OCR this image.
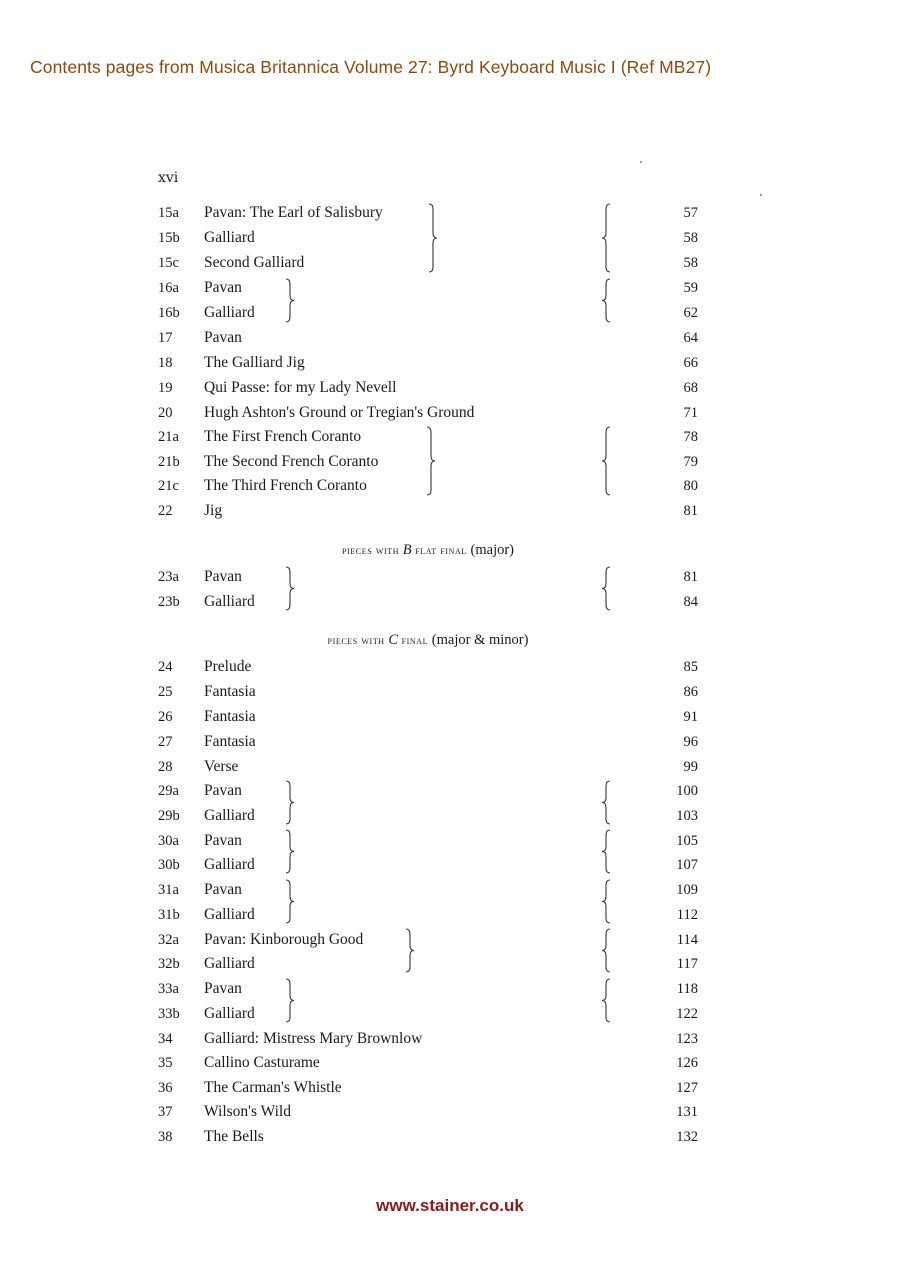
Contents pages from Musica Britannica Volume 27: Byrd Keyboard Music I (Ref MB27)
xvi
15a Pavan: The Earl of Salisbury	57
15b Galliard	58
15c Second Galliard	58
16a Pavan	59
16b Galliard	62
17 Pavan	64
18 The Galliard Jig	66
19 Qui Passe: for my Lady Nevell	68
20 Hugh Ashton's Ground or Tregian's Ground	71
21a The First French Coranto	78
21b The Second French Coranto	79
21c The Third French Coranto	80
22 Jig	81
23a Pavan	81
23b Galliard	84
24 Prelude	85
25 Fantasia	86
26 Fantasia	91
27 Fantasia	96
28 Verse	99
29a Pavan	100
29b Galliard	103
30a Pavan	105
30b Galliard	107
31a Pavan	109
31b Galliard	112
32a Pavan: Kinborough Good	114
32b Galliard	117
33a Pavan	118
33b Galliard	122
34 Galliard: Mistress Mary Brownlow	123
35 Callino Casturame	126
36 The Carman's Whistle	127
37 Wilson's Wild	131
38 The Bells	132
pieces with B flat final (major)
pieces with C final (major & minor)
www.stainer.co.uk
